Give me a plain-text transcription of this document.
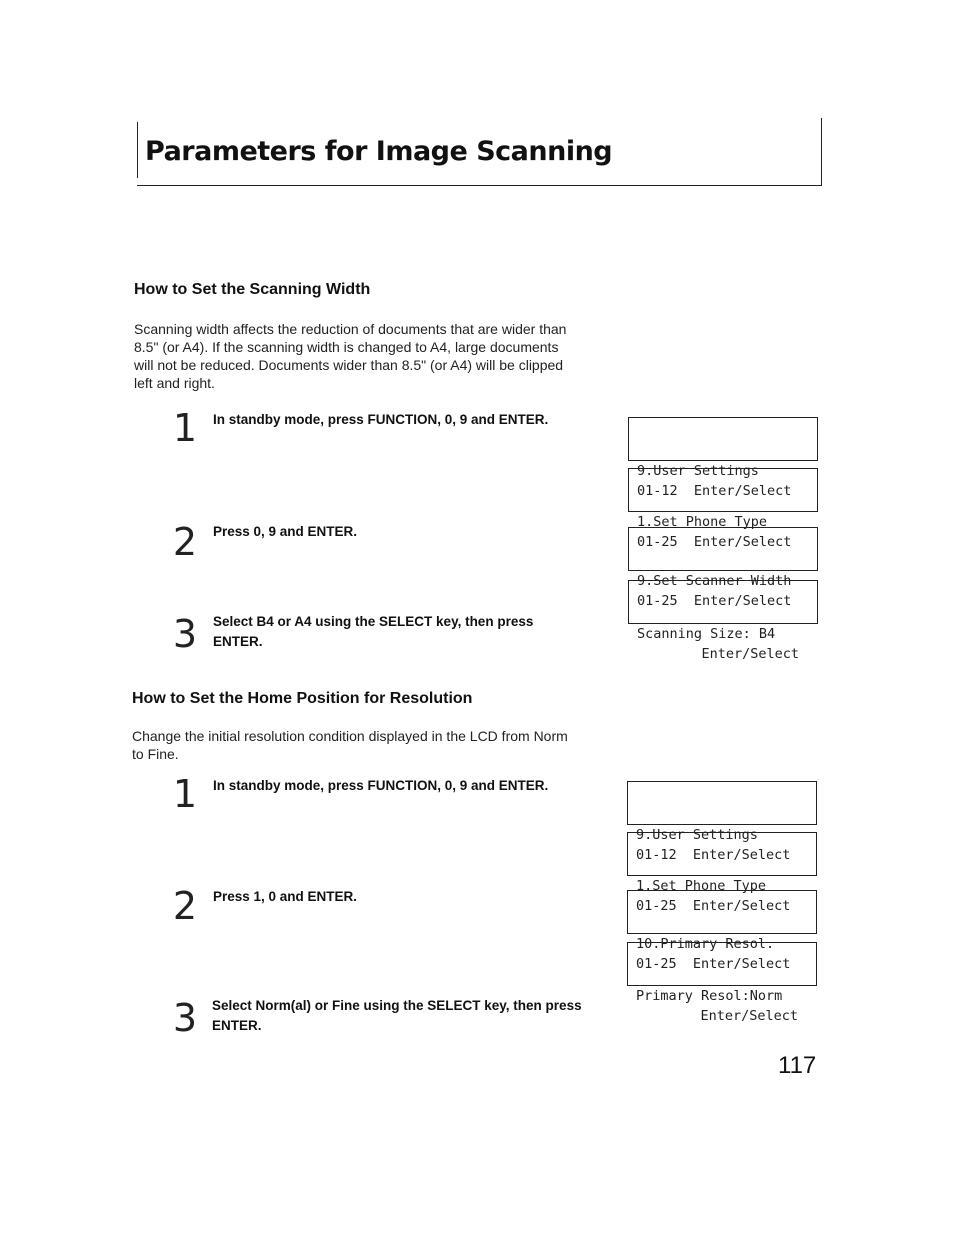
Parameters for Image Scanning
How to Set the Scanning Width

Scanning width affects the reduction of documents that are wider than

8.5" (or A4). If the scanning width is changed to A4, large documents

will not be reduced. Documents wider than 8.5" (or A4) will be clipped

left and right.

1 In standby mode, press FUNCTION, 0, 9 and ENTER.

2 Press 0, 9 and ENTER.

3 Select B4 or A4 using the SELECT key, then press

ENTER.

9.User Settings
01-12  Enter/Select

1.Set Phone Type
01-25  Enter/Select

9.Set Scanner Width
01-25  Enter/Select

Scanning Size: B4
Enter/Select

How to Set the Home Position for Resolution

Change the initial resolution condition displayed in the LCD from Norm

to Fine.

1 In standby mode, press FUNCTION, 0, 9 and ENTER.

2 Press 1, 0 and ENTER.

3 Select Norm(al) or Fine using the SELECT key, then press

ENTER.

9.User Settings
01-12  Enter/Select

1.Set Phone Type
01-25  Enter/Select

10.Primary Resol.
01-25  Enter/Select

Primary Resol:Norm
Enter/Select

117
